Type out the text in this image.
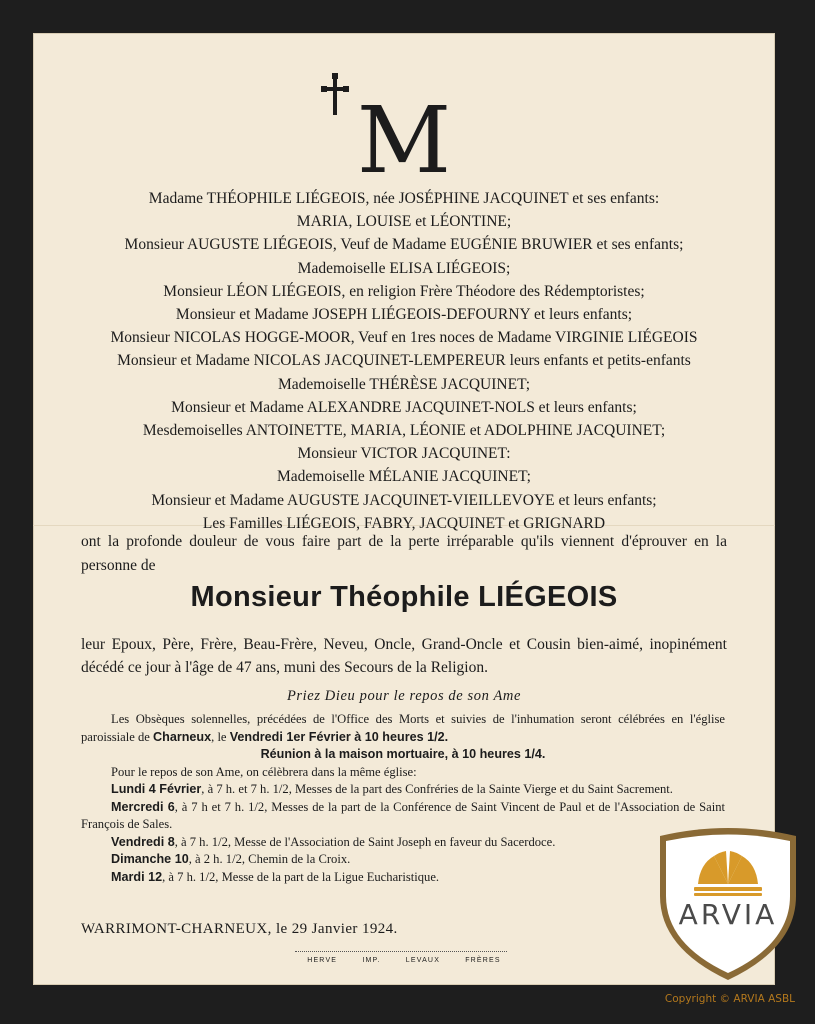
M
Madame THÉOPHILE LIÉGEOIS, née JOSÉPHINE JACQUINET et ses enfants:
MARIA, LOUISE et LÉONTINE;
Monsieur AUGUSTE LIÉGEOIS, Veuf de Madame EUGÉNIE BRUWIER et ses enfants;
Mademoiselle ELISA LIÉGEOIS;
Monsieur LÉON LIÉGEOIS, en religion Frère Théodore des Rédemptoristes;
Monsieur et Madame JOSEPH LIÉGEOIS-DEFOURNY et leurs enfants;
Monsieur NICOLAS HOGGE-MOOR, Veuf en 1res noces de Madame VIRGINIE LIÉGEOIS
Monsieur et Madame NICOLAS JACQUINET-LEMPEREUR leurs enfants et petits-enfants
Mademoiselle THÉRÈSE JACQUINET;
Monsieur et Madame ALEXANDRE JACQUINET-NOLS et leurs enfants;
Mesdemoiselles ANTOINETTE, MARIA, LÉONIE et ADOLPHINE JACQUINET;
Monsieur VICTOR JACQUINET:
Mademoiselle MÉLANIE JACQUINET;
Monsieur et Madame AUGUSTE JACQUINET-VIEILLEVOYE et leurs enfants;
Les Familles LIÉGEOIS, FABRY, JACQUINET et GRIGNARD
ont la profonde douleur de vous faire part de la perte irréparable qu'ils viennent d'éprouver en la personne de
Monsieur Théophile LIÉGEOIS
leur Epoux, Père, Frère, Beau-Frère, Neveu, Oncle, Grand-Oncle et Cousin bien-aimé, inopinément décédé ce jour à l'âge de 47 ans, muni des Secours de la Religion.
Priez Dieu pour le repos de son Ame

Les Obsèques solennelles, précédées de l'Office des Morts et suivies de l'inhumation seront célébrées en l'église paroissiale de Charneux, le Vendredi 1er Février à 10 heures 1/2.

Réunion à la maison mortuaire, à 10 heures 1/4.

Pour le repos de son Ame, on célèbrera dans la même église:

Lundi 4 Février, à 7 h. et 7 h. 1/2, Messes de la part des Confréries de la Sainte Vierge et du Saint Sacrement.

Mercredi 6, à 7 h et 7 h. 1/2, Messes de la part de la Conférence de Saint Vincent de Paul et de l'Association de Saint François de Sales.

Vendredi 8, à 7 h. 1/2, Messe de l'Association de Saint Joseph en faveur du Sacerdoce.

Dimanche 10, à 2 h. 1/2, Chemin de la Croix.

Mardi 12, à 7 h. 1/2, Messe de la part de la Ligue Eucharistique.

WARRIMONT-CHARNEUX, le 29 Janvier 1924.
HERVE IMP. LEVAUX FRÈRES
ARVIA
Copyright © ARVIA ASBL
